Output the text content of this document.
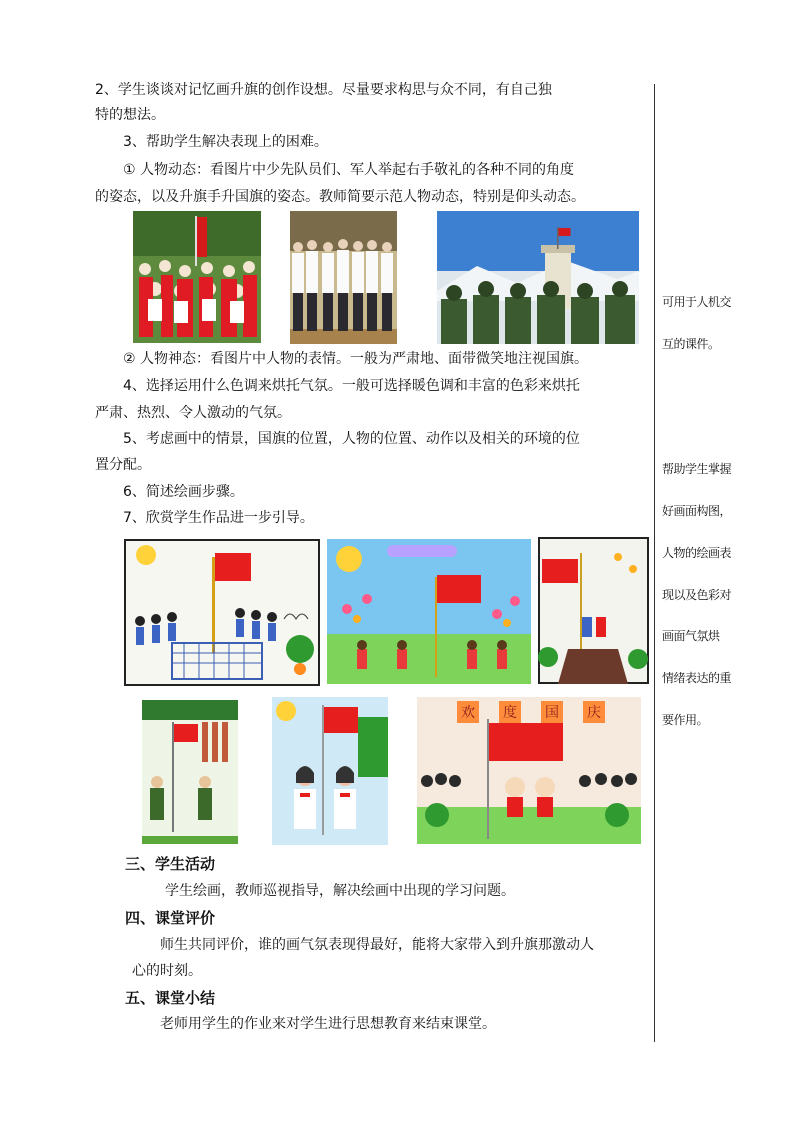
2、学生谈谈对记忆画升旗的创作设想。尽量要求构思与众不同，有自己独
特的想法。
3、帮助学生解决表现上的困难。
① 人物动态：看图片中少先队员们、军人举起右手敬礼的各种不同的角度
的姿态，以及升旗手升国旗的姿态。教师简要示范人物动态，特别是仰头动态。
② 人物神态：看图片中人物的表情。一般为严肃地、面带微笑地注视国旗。
4、选择运用什么色调来烘托气氛。一般可选择暖色调和丰富的色彩来烘托
严肃、热烈、令人激动的气氛。
5、考虑画中的情景，国旗的位置，人物的位置、动作以及相关的环境的位
置分配。
6、简述绘画步骤。
7、欣赏学生作品进一步引导。
欢 度 国 庆
三、学生活动
学生绘画，教师巡视指导，解决绘画中出现的学习问题。
四、课堂评价
师生共同评价，谁的画气氛表现得最好，能将大家带入到升旗那激动人
心的时刻。
五、课堂小结
老师用学生的作业来对学生进行思想教育来结束课堂。
可用于人机交
互的课件。
帮助学生掌握
好画面构图，
人物的绘画表
现以及色彩对
画面气氛烘
情绪表达的重
要作用。
